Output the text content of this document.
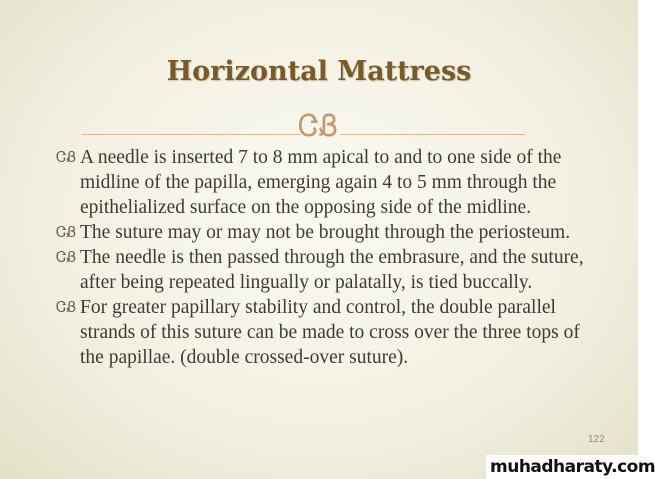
Horizontal Mattress
ᏣᏰ
ᏣᏰ A needle is inserted 7 to 8 mm apical to and to one side of the midline of the papilla, emerging again 4 to 5 mm through the epithelialized surface on the opposing side of the midline.
ᏣᏰ The suture may or may not be brought through the periosteum.
ᏣᏰ The needle is then passed through the embrasure, and the suture, after being repeated lingually or palatally, is tied buccally.
ᏣᏰ For greater papillary stability and control, the double parallel strands of this suture can be made to cross over the three tops of the papillae. (double crossed-over suture).
122
muhadharaty.com
